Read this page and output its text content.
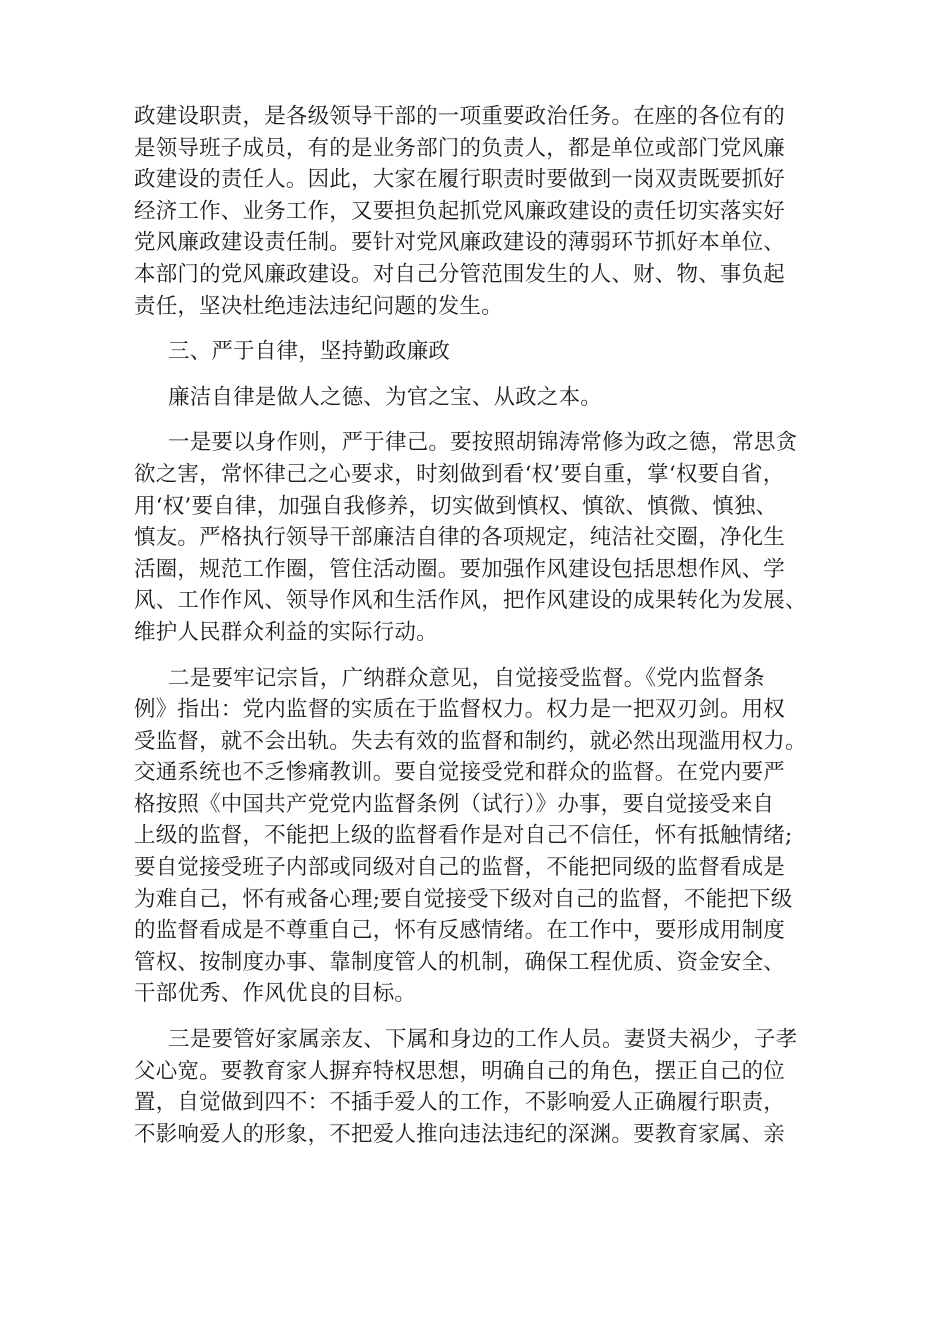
政建设职责，是各级领导干部的一项重要政治任务。在座的各位有的
是领导班子成员，有的是业务部门的负责人，都是单位或部门党风廉
政建设的责任人。因此，大家在履行职责时要做到一岗双责既要抓好
经济工作、业务工作，又要担负起抓党风廉政建设的责任切实落实好
党风廉政建设责任制。要针对党风廉政建设的薄弱环节抓好本单位、
本部门的党风廉政建设。对自己分管范围发生的人、财、物、事负起
责任，坚决杜绝违法违纪问题的发生。
三、严于自律，坚持勤政廉政
廉洁自律是做人之德、为官之宝、从政之本。
一是要以身作则，严于律己。要按照胡锦涛常修为政之德，常思贪
欲之害，常怀律己之心要求，时刻做到看‘权’要自重，掌‘权要自省，
用‘权’要自律，加强自我修养，切实做到慎权、慎欲、慎微、慎独、
慎友。严格执行领导干部廉洁自律的各项规定，纯洁社交圈，净化生
活圈，规范工作圈，管住活动圈。要加强作风建设包括思想作风、学
风、工作作风、领导作风和生活作风，把作风建设的成果转化为发展、
维护人民群众利益的实际行动。
二是要牢记宗旨，广纳群众意见，自觉接受监督。《党内监督条
例》指出：党内监督的实质在于监督权力。权力是一把双刃剑。用权
受监督，就不会出轨。失去有效的监督和制约，就必然出现滥用权力。
交通系统也不乏惨痛教训。要自觉接受党和群众的监督。在党内要严
格按照《中国共产党党内监督条例（试行）》办事，要自觉接受来自
上级的监督，不能把上级的监督看作是对自己不信任，怀有抵触情绪;
要自觉接受班子内部或同级对自己的监督，不能把同级的监督看成是
为难自己，怀有戒备心理;要自觉接受下级对自己的监督，不能把下级
的监督看成是不尊重自己，怀有反感情绪。在工作中，要形成用制度
管权、按制度办事、靠制度管人的机制，确保工程优质、资金安全、
干部优秀、作风优良的目标。
三是要管好家属亲友、下属和身边的工作人员。妻贤夫祸少，子孝
父心宽。要教育家人摒弃特权思想，明确自己的角色，摆正自己的位
置，自觉做到四不：不插手爱人的工作，不影响爱人正确履行职责，
不影响爱人的形象，不把爱人推向违法违纪的深渊。要教育家属、亲
